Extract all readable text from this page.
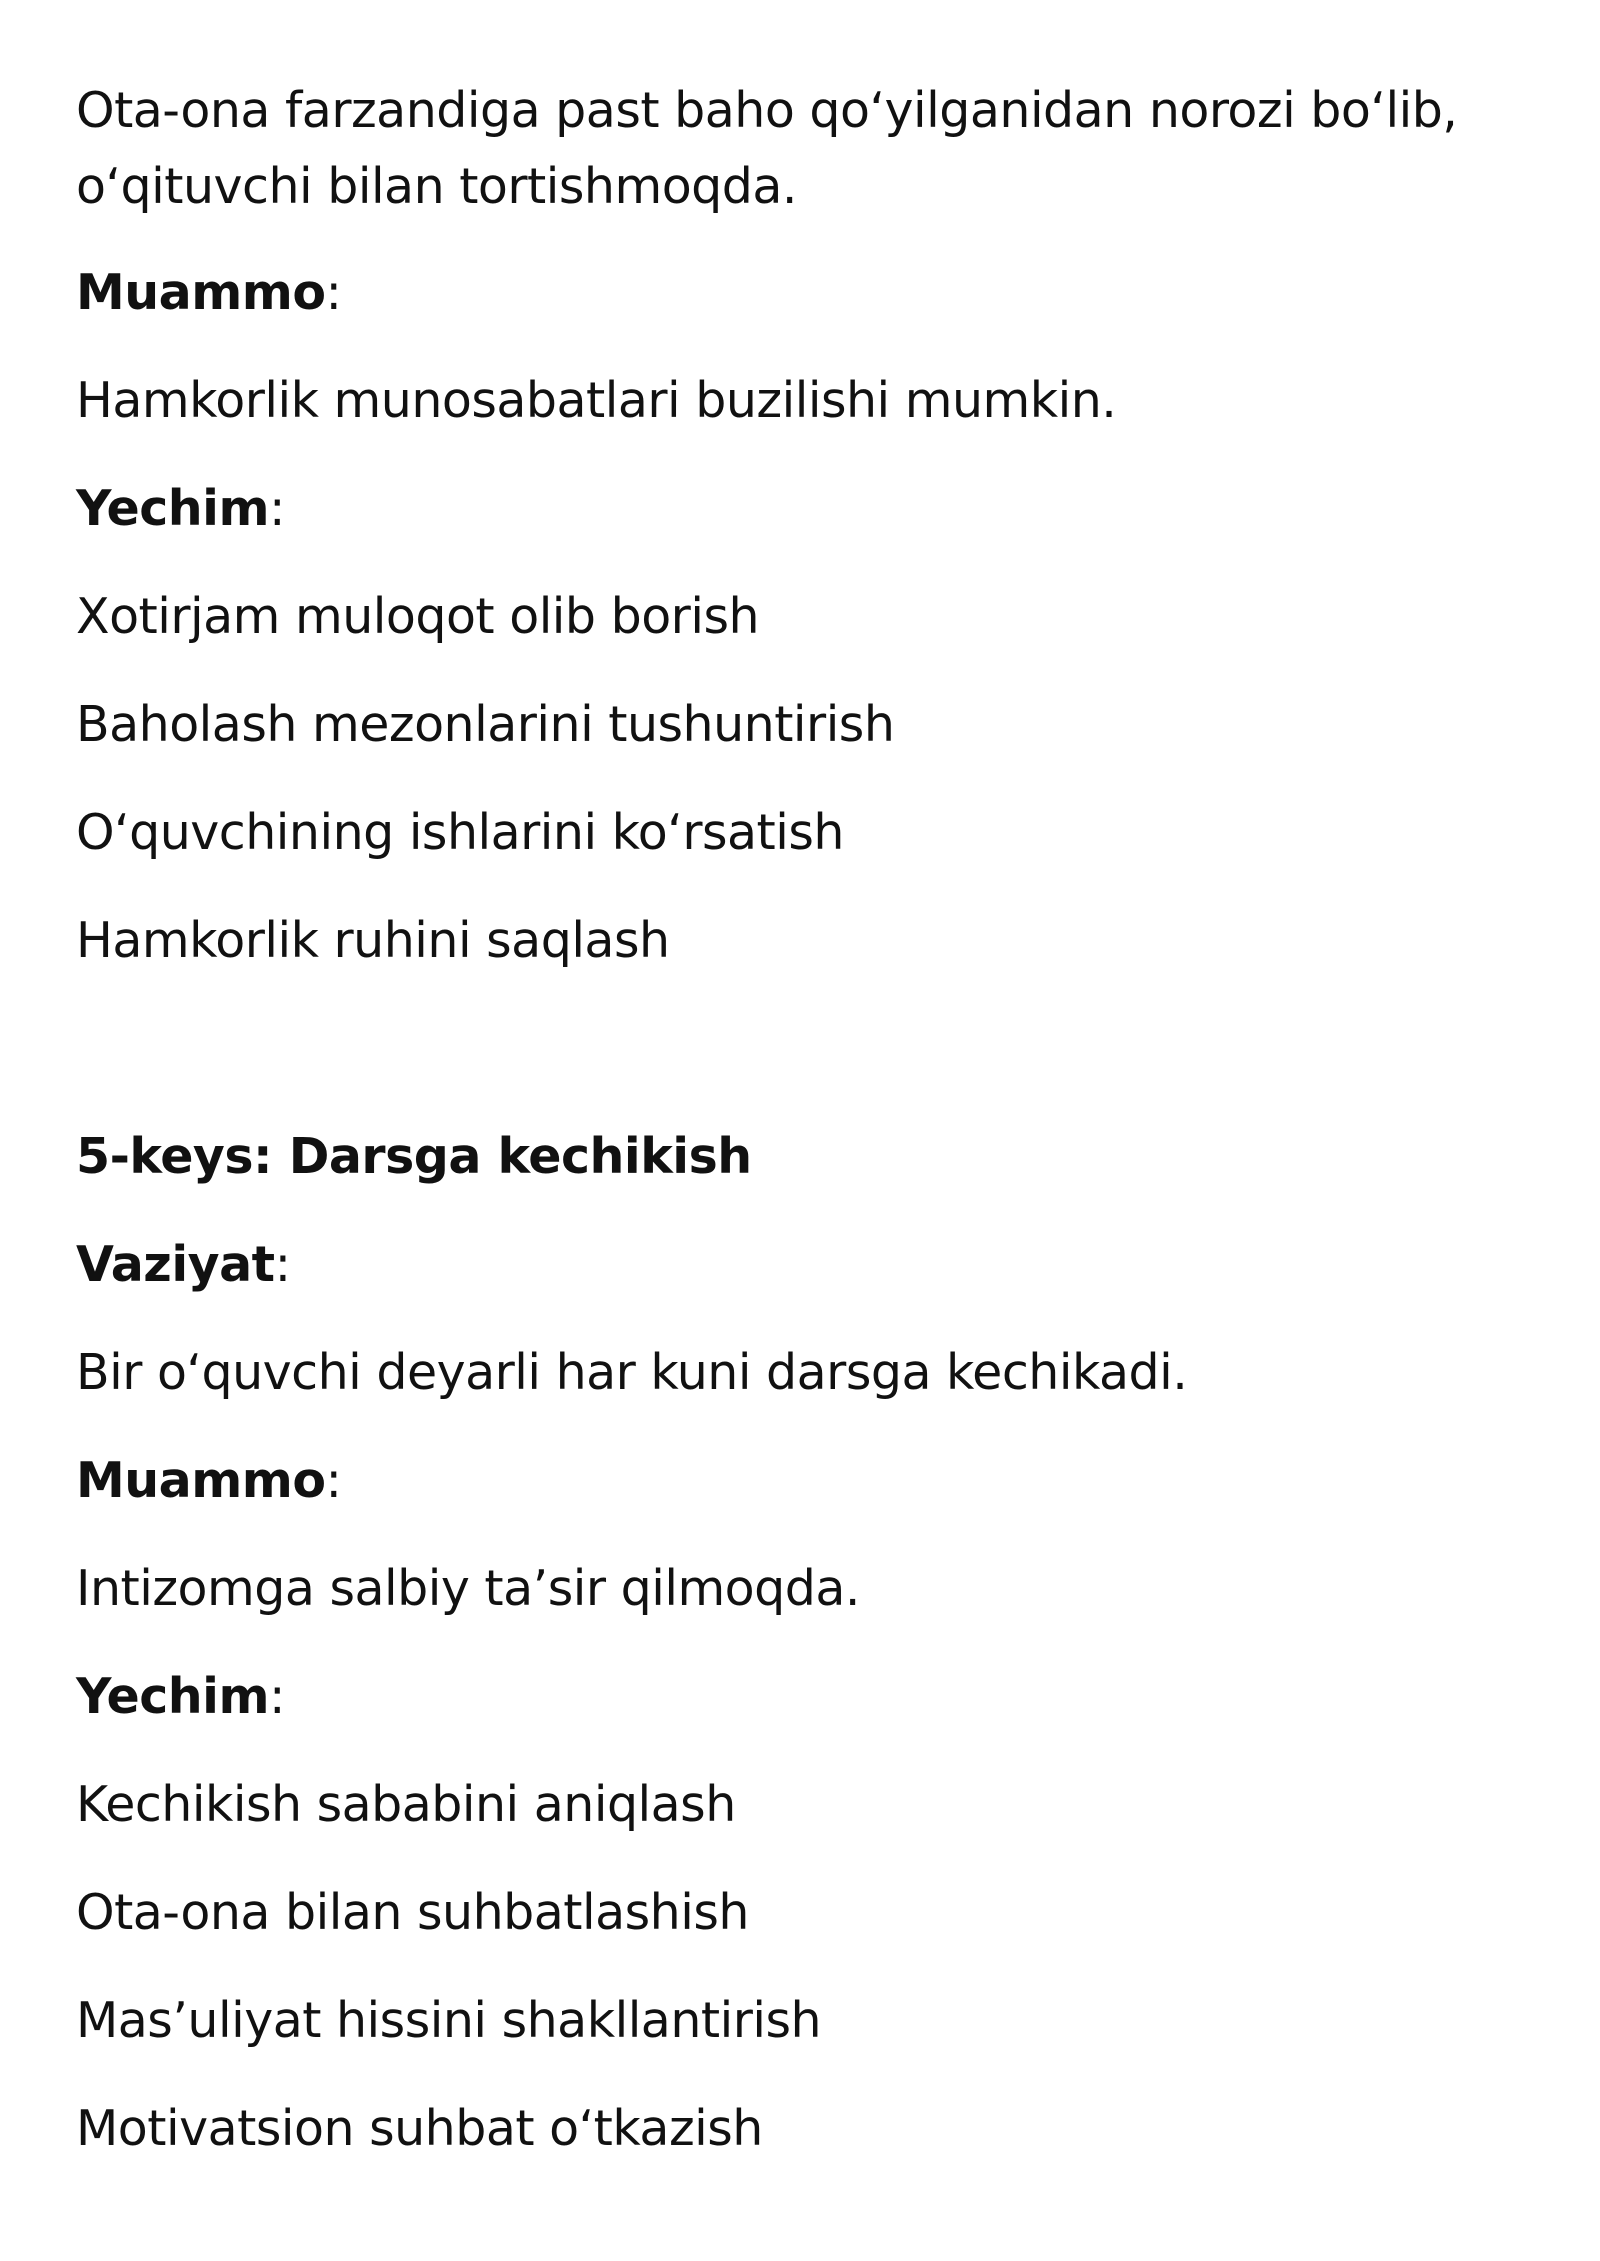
Ota-ona farzandiga past baho qo‘yilganidan norozi bo‘lib,

o‘qituvchi bilan tortishmoqda.

Muammo:

Hamkorlik munosabatlari buzilishi mumkin.

Yechim:

Xotirjam muloqot olib borish

Baholash mezonlarini tushuntirish

O‘quvchining ishlarini ko‘rsatish

Hamkorlik ruhini saqlash

5-keys: Darsga kechikish

Vaziyat:

Bir o‘quvchi deyarli har kuni darsga kechikadi.

Muammo:

Intizomga salbiy ta’sir qilmoqda.

Yechim:

Kechikish sababini aniqlash

Ota-ona bilan suhbatlashish

Mas’uliyat hissini shakllantirish

Motivatsion suhbat o‘tkazish
